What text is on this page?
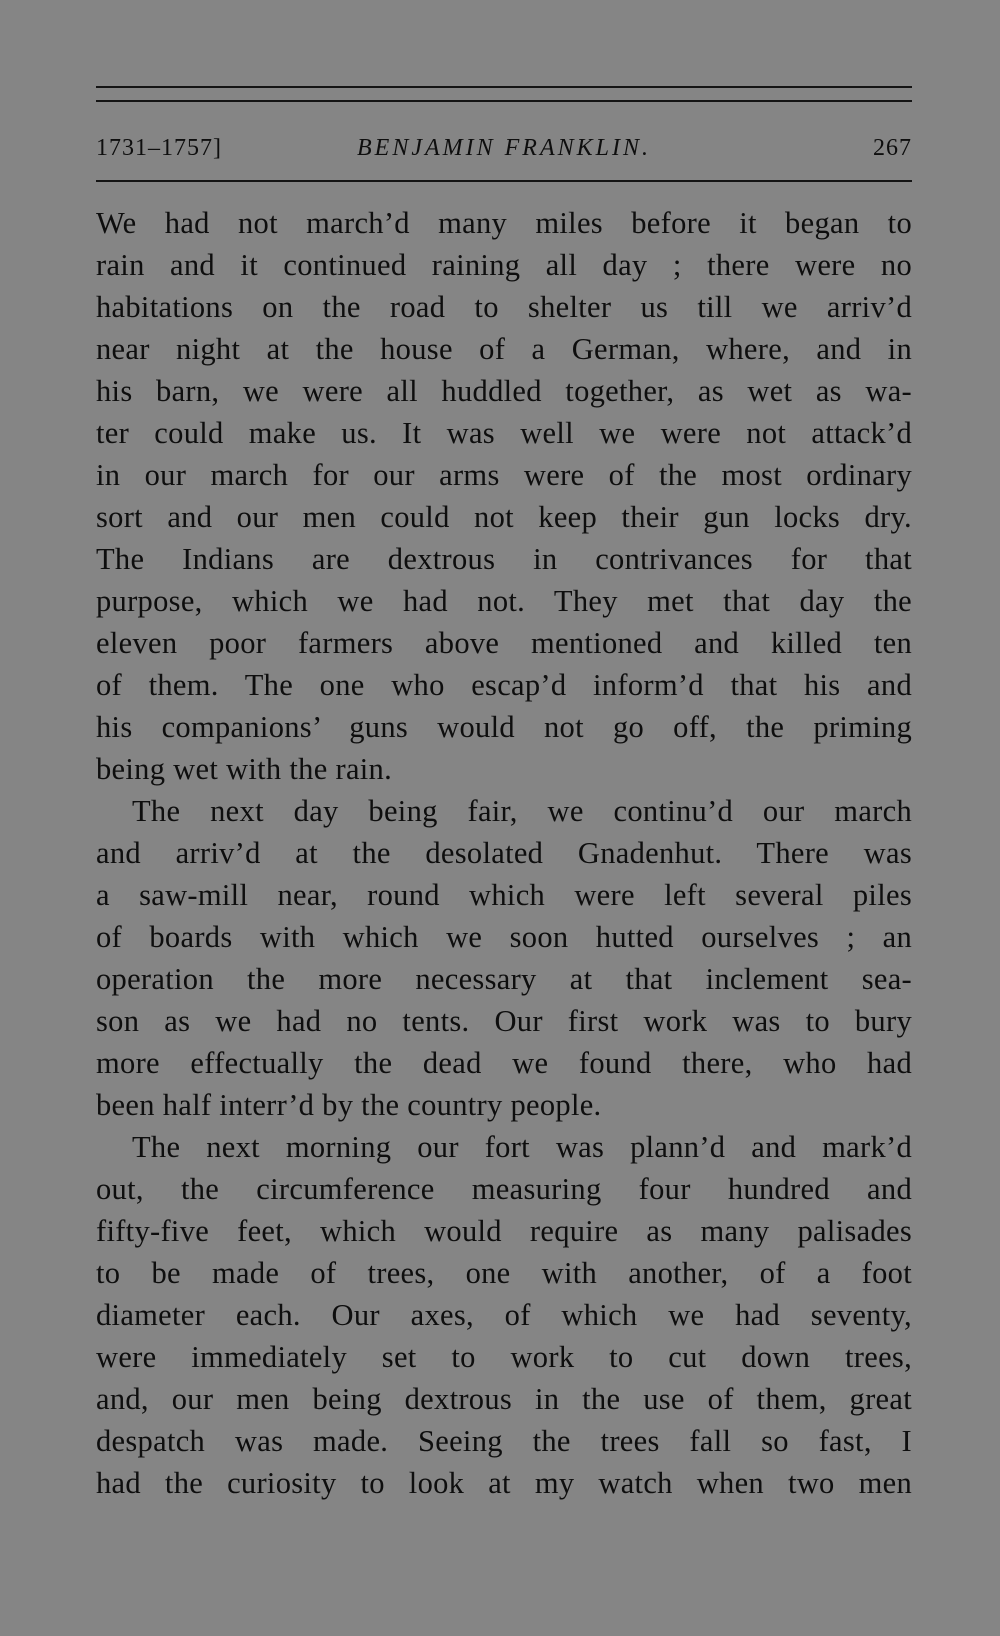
1731–1757]	BENJAMIN FRANKLIN.	267
We had not march’d many miles before it began to
rain and it continued raining all day ; there were no
habitations on the road to shelter us till we arriv’d
near night at the house of a German, where, and in
his barn, we were all huddled together, as wet as wa-
ter could make us. It was well we were not attack’d
in our march for our arms were of the most ordinary
sort and our men could not keep their gun locks dry.
The Indians are dextrous in contrivances for that
purpose, which we had not. They met that day the
eleven poor farmers above mentioned and killed ten
of them. The one who escap’d inform’d that his and
his companions’ guns would not go off, the priming
being wet with the rain.
The next day being fair, we continu’d our march
and arriv’d at the desolated Gnadenhut. There was
a saw-mill near, round which were left several piles
of boards with which we soon hutted ourselves ; an
operation the more necessary at that inclement sea-
son as we had no tents. Our first work was to bury
more effectually the dead we found there, who had
been half interr’d by the country people.
The next morning our fort was plann’d and mark’d
out, the circumference measuring four hundred and
fifty-five feet, which would require as many palisades
to be made of trees, one with another, of a foot
diameter each. Our axes, of which we had seventy,
were immediately set to work to cut down trees,
and, our men being dextrous in the use of them, great
despatch was made. Seeing the trees fall so fast, I
had the curiosity to look at my watch when two men
